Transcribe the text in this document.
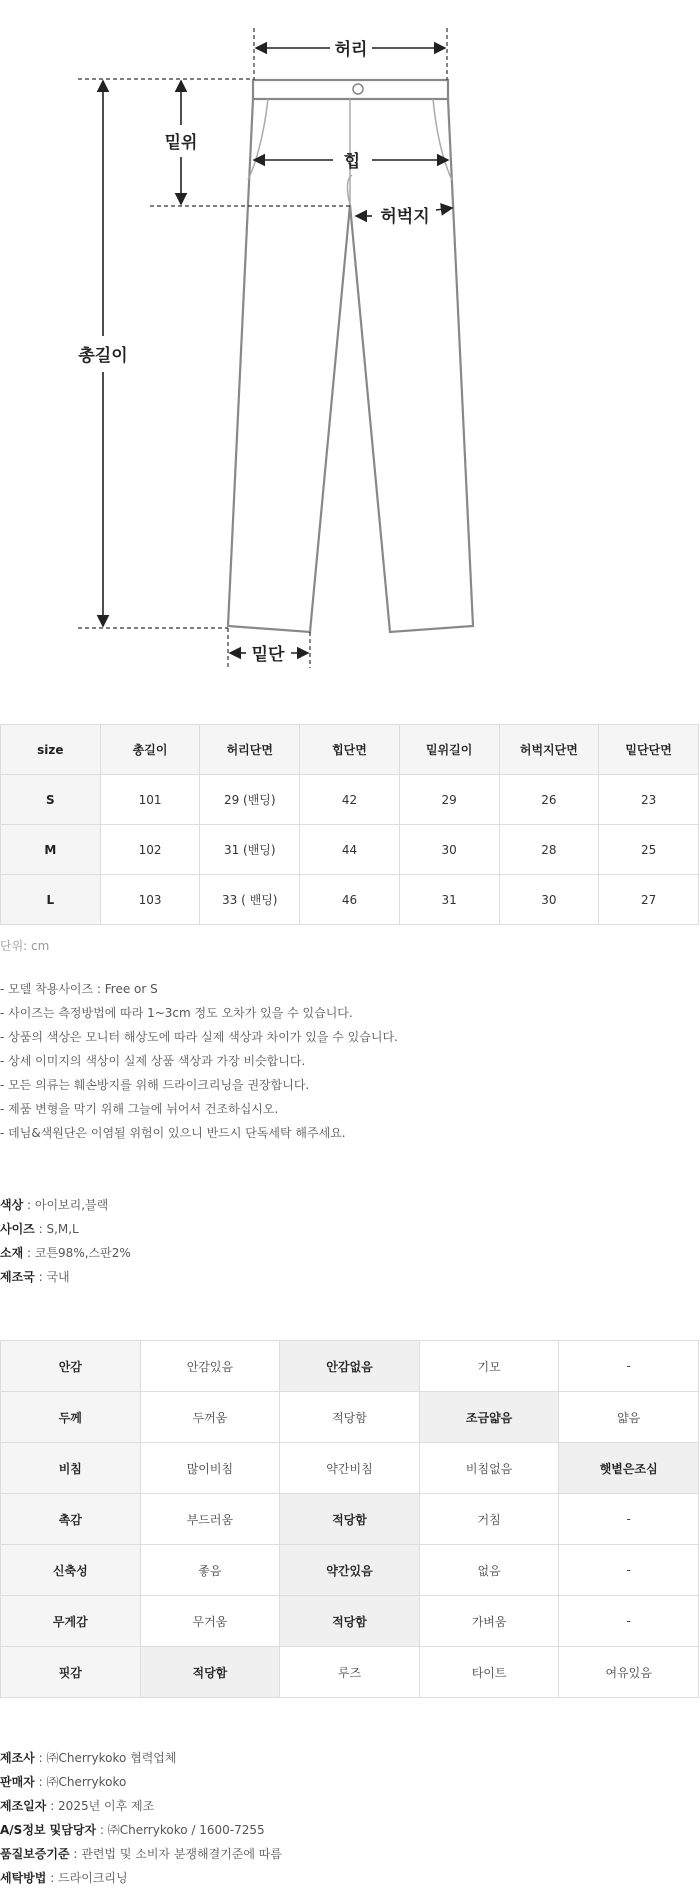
허리
밑위
힙
허벅지
총길이
밑단
size	총길이	허리단면	힙단면	밑위길이	허벅지단면	밑단단면
S	101	29 (밴딩)	42	29	26	23
M	102	31 (밴딩)	44	30	28	25
L	103	33 ( 밴딩)	46	31	30	27
단위: cm
- 모델 착용사이즈 : Free or S
- 사이즈는 측정방법에 따라 1~3cm 정도 오차가 있을 수 있습니다.
- 상품의 색상은 모니터 해상도에 따라 실제 색상과 차이가 있을 수 있습니다.
- 상세 이미지의 색상이 실제 상품 색상과 가장 비슷합니다.
- 모든 의류는 훼손방지를 위해 드라이크리닝을 권장합니다.
- 제품 변형을 막기 위해 그늘에 뉘어서 건조하십시오.
- 데님&색원단은 이염될 위험이 있으니 반드시 단독세탁 해주세요.
색상 : 아이보리,블랙
사이즈 : S,M,L
소재 : 코튼98%,스판2%
제조국 : 국내
안감	안감있음	안감없음	기모	-
두께	두꺼움	적당함	조금얇음	얇음
비침	많이비침	약간비침	비침없음	햇볕은조심
촉감	부드러움	적당함	거침	-
신축성	좋음	약간있음	없음	-
무게감	무거움	적당함	가벼움	-
핏감	적당함	루즈	타이트	여유있음
제조사 : ㈜Cherrykoko 협력업체
판매자 : ㈜Cherrykoko
제조일자 : 2025년 이후 제조
A/S정보 및담당자 : ㈜Cherrykoko / 1600-7255
품질보증기준 : 관련법 및 소비자 분쟁해결기준에 따름
세탁방법 : 드라이크리닝
